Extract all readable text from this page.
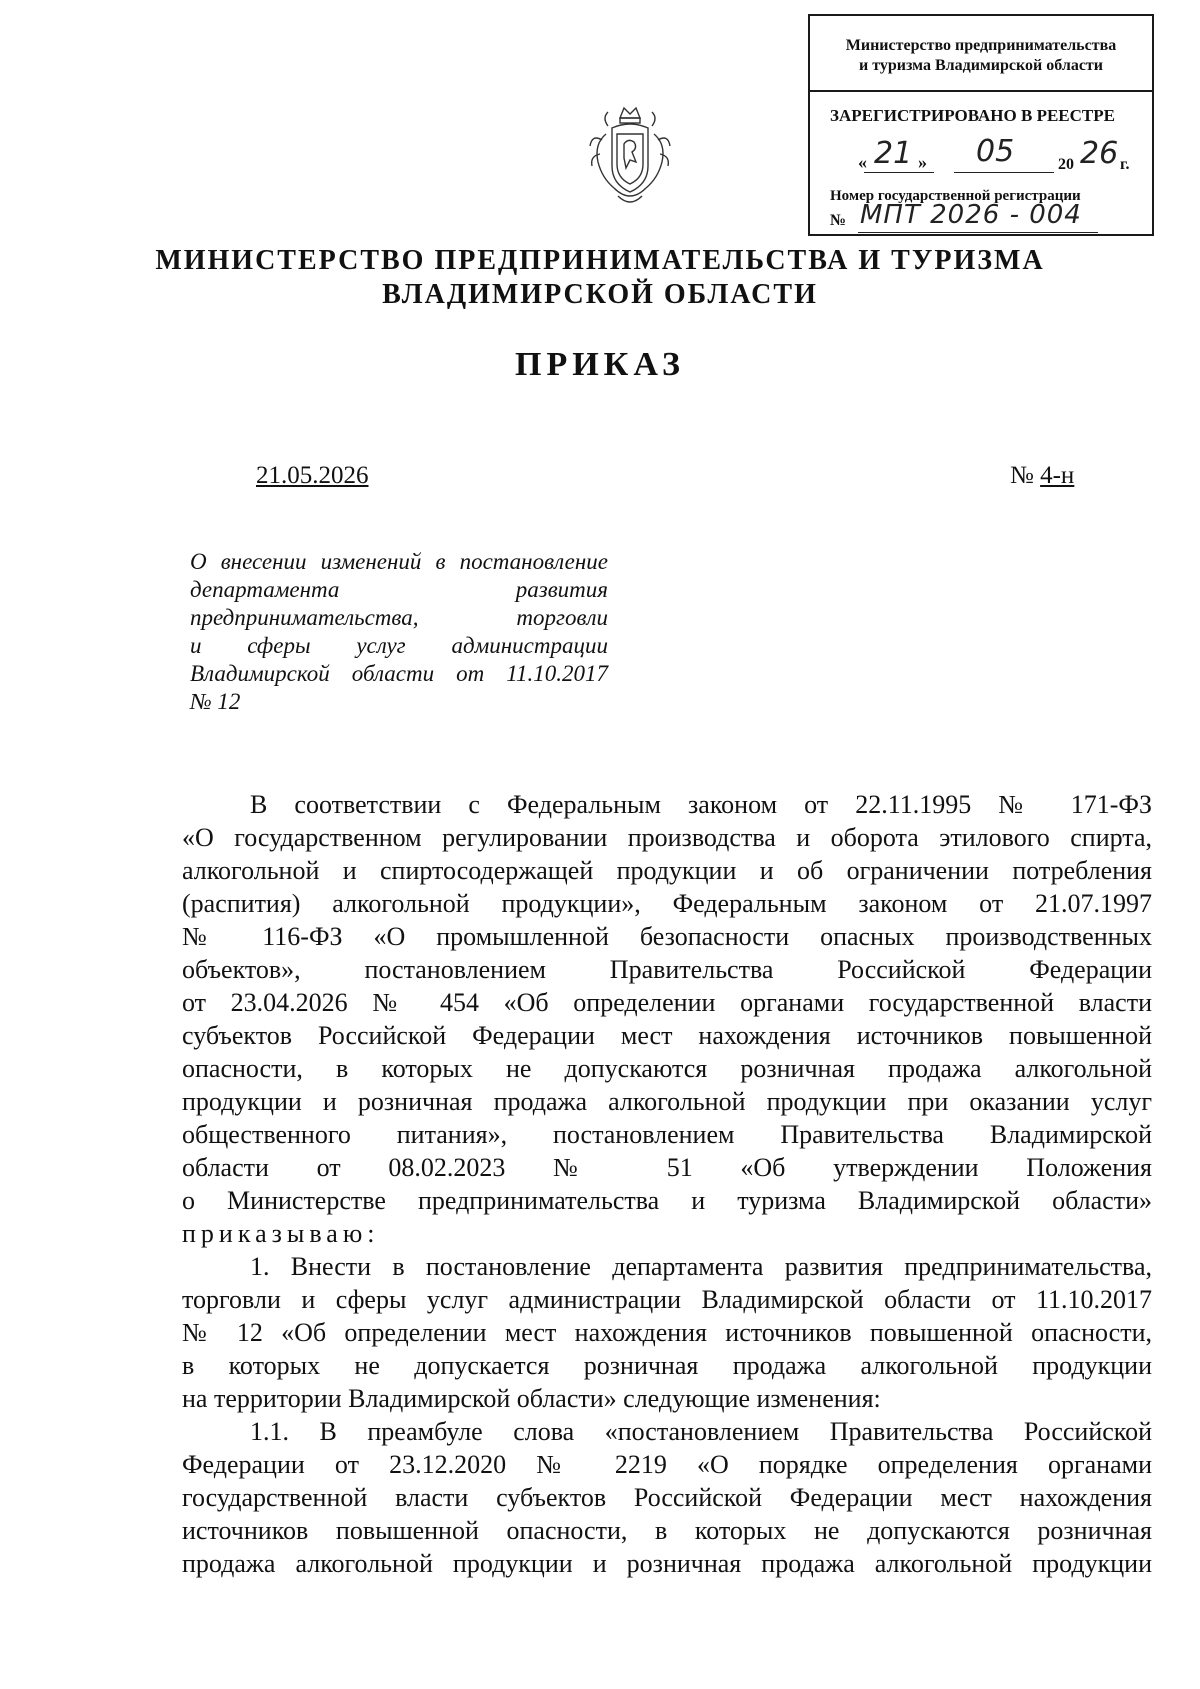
Министерство предпринимательства
и туризма Владимирской области
ЗАРЕГИСТРИРОВАНО В РЕЕСТРЕ
« 21 » 05	20 26 г.
Номер государственной регистрации
№ МПТ 2026 - 004
МИНИСТЕРСТВО ПРЕДПРИНИМАТЕЛЬСТВА И ТУРИЗМА
ВЛАДИМИРСКОЙ ОБЛАСТИ
ПРИКАЗ
21.05.2026	№ 4-н
О внесении изменений в постановление
департамента развития
предпринимательства, торговли
и сферы услуг администрации
Владимирской области от 11.10.2017
№ 12
В соответствии с Федеральным законом от 22.11.1995 № 171-ФЗ
«О государственном регулировании производства и оборота этилового спирта,
алкогольной и спиртосодержащей продукции и об ограничении потребления
(распития) алкогольной продукции», Федеральным законом от 21.07.1997
№ 116-ФЗ «О промышленной безопасности опасных производственных
объектов», постановлением Правительства Российской Федерации
от 23.04.2026 № 454 «Об определении органами государственной власти
субъектов Российской Федерации мест нахождения источников повышенной
опасности, в которых не допускаются розничная продажа алкогольной
продукции и розничная продажа алкогольной продукции при оказании услуг
общественного питания», постановлением Правительства Владимирской
области от 08.02.2023 № 51 «Об утверждении Положения
о Министерстве предпринимательства и туризма Владимирской области»
приказываю:
1. Внести в постановление департамента развития предпринимательства,
торговли и сферы услуг администрации Владимирской области от 11.10.2017
№ 12 «Об определении мест нахождения источников повышенной опасности,
в которых не допускается розничная продажа алкогольной продукции
на территории Владимирской области» следующие изменения:
1.1. В преамбуле слова «постановлением Правительства Российской
Федерации от 23.12.2020 № 2219 «О порядке определения органами
государственной власти субъектов Российской Федерации мест нахождения
источников повышенной опасности, в которых не допускаются розничная
продажа алкогольной продукции и розничная продажа алкогольной продукции
